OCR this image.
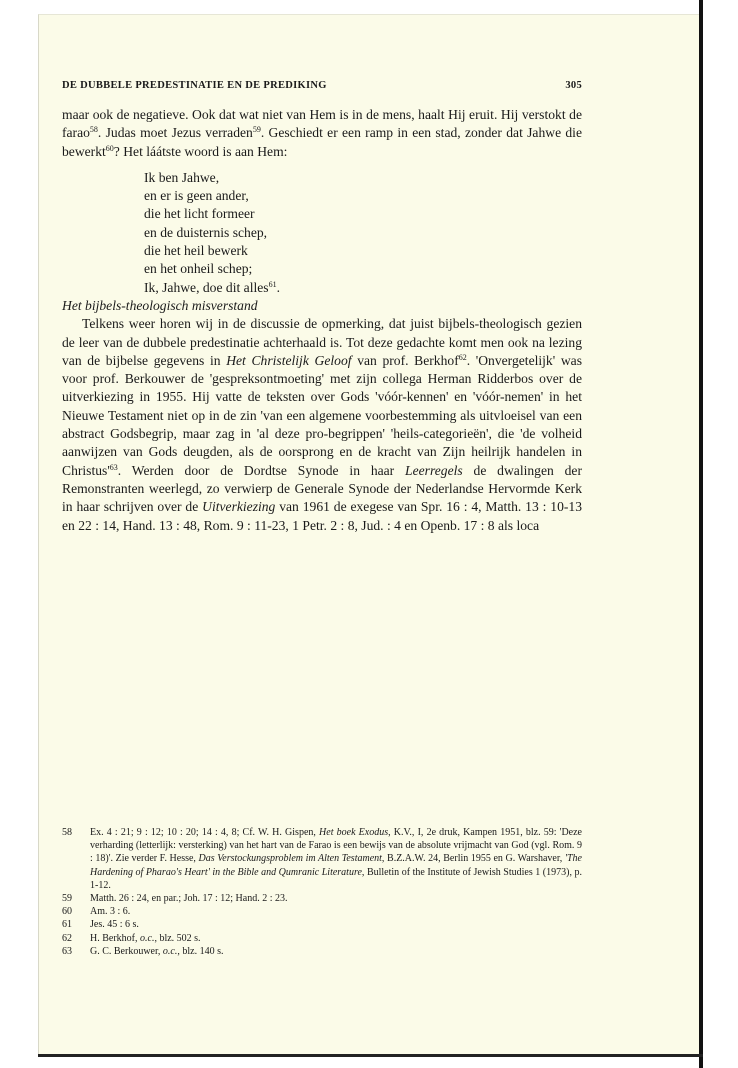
DE DUBBELE PREDESTINATIE EN DE PREDIKING	305

maar ook de negatieve. Ook dat wat niet van Hem is in de mens, haalt Hij eruit. Hij verstokt de farao$^{58}$. Judas moet Jezus verraden$^{59}$. Geschiedt er een ramp in een stad, zonder dat Jahwe die bewerkt$^{60}$? Het láátste woord is aan Hem:

Ik ben Jahwe,
en er is geen ander,
die het licht formeer
en de duisternis schep,
die het heil bewerk
en het onheil schep;
Ik, Jahwe, doe dit alles$^{61}$.

Het bijbels-theologisch misverstand

Telkens weer horen wij in de discussie de opmerking, dat juist bijbels-theologisch gezien de leer van de dubbele predestinatie achterhaald is. Tot deze gedachte komt men ook na lezing van de bijbelse gegevens in Het Christelijk Geloof van prof. Berkhof$^{62}$. 'Onvergetelijk' was voor prof. Berkouwer de 'gespreksontmoeting' met zijn collega Herman Ridderbos over de uitverkiezing in 1955. Hij vatte de teksten over Gods 'vóór-kennen' en 'vóór-nemen' in het Nieuwe Testament niet op in de zin 'van een algemene voorbestemming als uitvloeisel van een abstract Godsbegrip, maar zag in 'al deze pro-begrippen' 'heils-categorieën', die 'de volheid aanwijzen van Gods deugden, als de oorsprong en de kracht van Zijn heilrijk handelen in $Christus'^{63}$. Werden door de Dordtse Synode in haar Leerregels de dwalingen der Remonstranten weerlegd, zo verwierp de Generale Synode der Nederlandse Hervormde Kerk in haar schrijven over de Uitverkiezing van 1961 de exegese van Spr. 16 : 4, Matth. 13 : 10-13 en 22 : 14, Hand. 13 : 48, Rom. 9 : 11-23, 1 Petr. 2 : 8, Jud. : 4 en Openb. 17 : 8 als loca

58	Ex. 4 : 21; 9 : 12; 10 : 20; 14 : 4, 8; Cf. W. H. Gispen, Het boek Exodus, K.V., I, 2e druk, Kampen 1951, blz. 59: 'Deze verharding (letterlijk: versterking) van het hart van de Farao is een bewijs van de absolute vrijmacht van God (vgl. Rom. 9 : 18)'. Zie verder F. Hesse, Das Verstockungsproblem im Alten Testament, B.Z.A.W. 24, Berlin 1955 en G. Warshaver, 'The Hardening of Pharao's Heart' in the Bible and Qumranic Literature, Bulletin of the Institute of Jewish Studies 1 (1973), p. 1-12.
59	Matth. 26 : 24, en par.; Joh. 17 : 12; Hand. 2 : 23.
60	Am. 3 : 6.
61	Jes. 45 : 6 s.
62	H. Berkhof, o.c., blz. 502 s.
63	G. C. Berkouwer, o.c., blz. 140 s.
